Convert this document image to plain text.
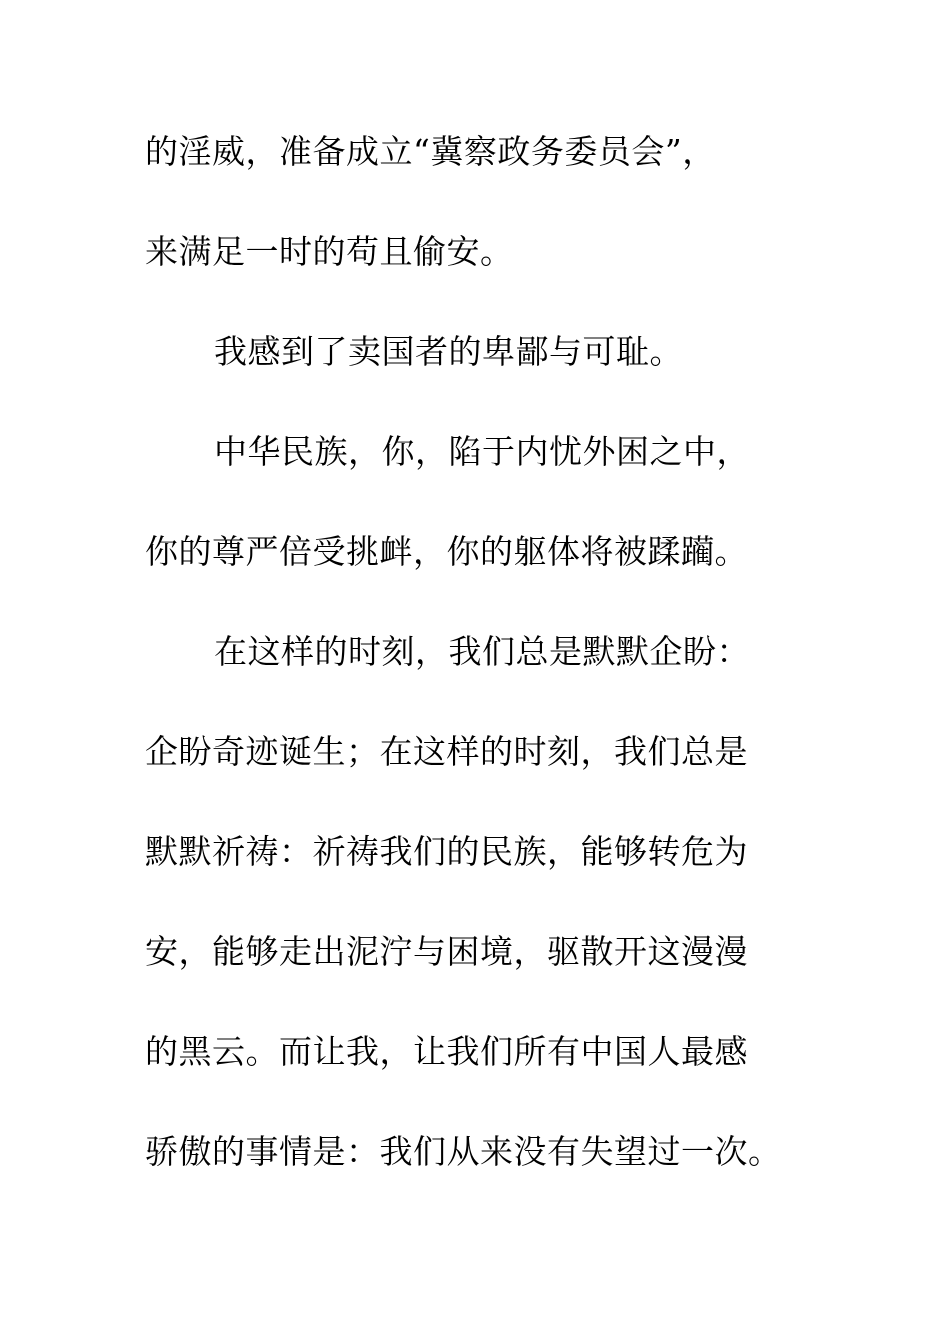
的淫威，准备成立“冀察政务委员会”，
来满足一时的苟且偷安。
我感到了卖国者的卑鄙与可耻。
中华民族，你，陷于内忧外困之中，
你的尊严倍受挑衅，你的躯体将被蹂躏。
在这样的时刻，我们总是默默企盼：
企盼奇迹诞生；在这样的时刻，我们总是
默默祈祷：祈祷我们的民族，能够转危为
安，能够走出泥泞与困境，驱散开这漫漫
的黑云。而让我，让我们所有中国人最感
骄傲的事情是：我们从来没有失望过一次。
